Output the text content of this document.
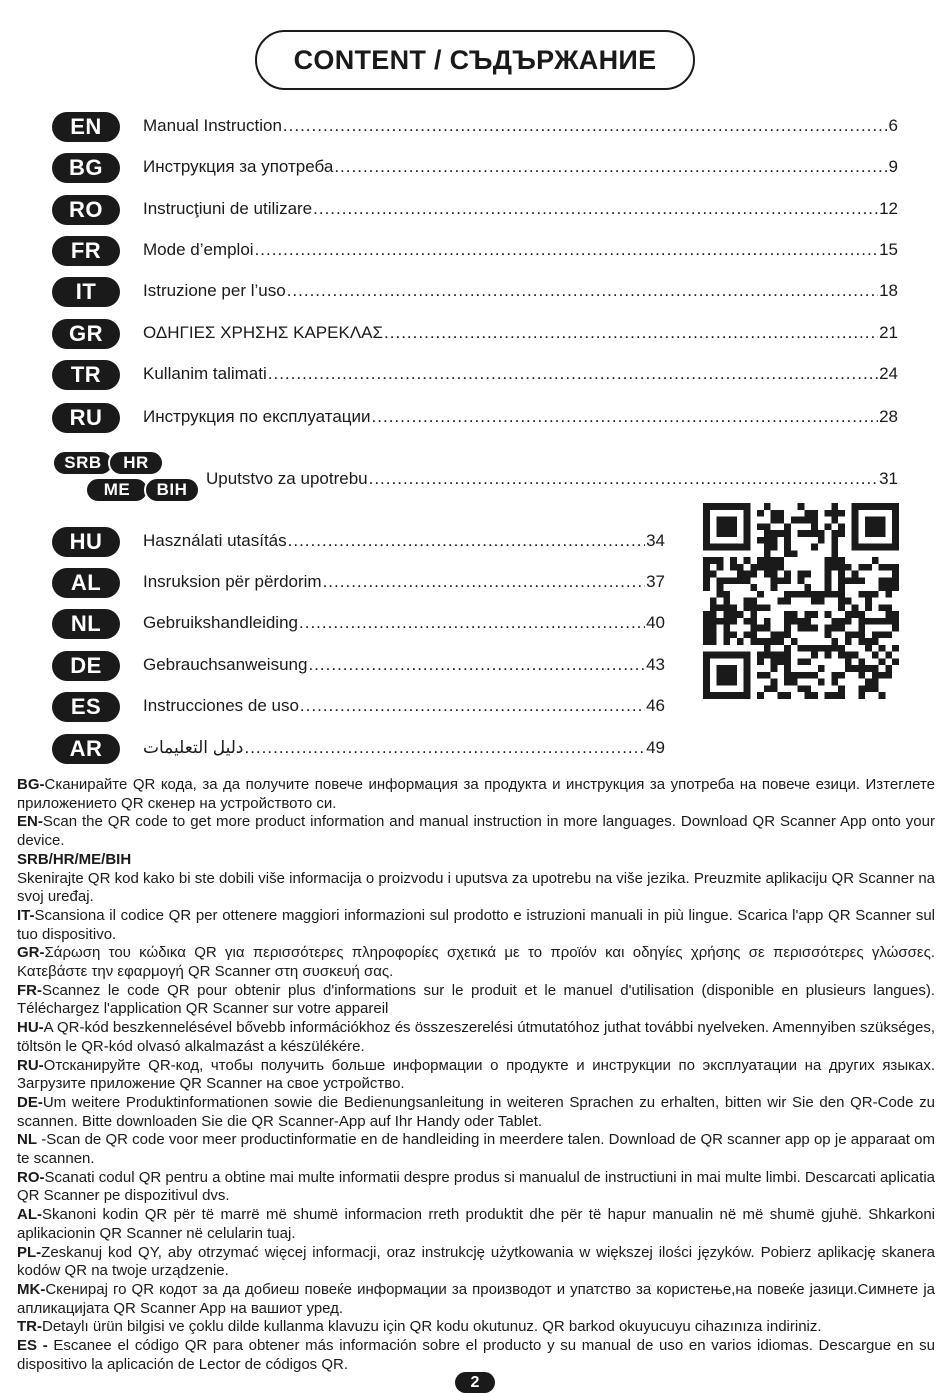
CONTENT / СЪДЪРЖАНИЕ
EN	Manual Instruction .....	6
BG	Инструкция за употреба .....	9
RO	Instrucţiuni de utilizare .....	12
FR	Mode d’emploi .....	15
IT	Istruzione per l’uso .....	18
GR	ΟΔΗΓΙΕΣ ΧΡΗΣΗΣ ΚΑΡΕΚΛΑΣ .....	21
TR	Kullanim talimati .....	24
RU	Инструкция по експлуатации .....	28
SRB	HR
ME	BIH
Uputstvo za upotrebu .....	31
HU	Használati utasítás .....	34
AL	Insruksion për përdorim .....	37
NL	Gebruikshandleiding .....	40
DE	Gebrauchsanweisung .....	43
ES	Instrucciones de uso .....	46
AR	دليل التعليمات .....	49

BG-Сканирайте QR кода, за да получите повече информация за продукта и инструкция за употреба на повече езици. Изтеглете приложението QR скенер на устройството си.

EN-Scan the QR code to get more product information and manual instruction in more languages. Download QR Scanner App onto your device.

SRB/HR/ME/BIH

Skenirajte QR kod kako bi ste dobili više informacija o proizvodu i uputsva za upotrebu na više jezika. Preuzmite aplikaciju QR Scanner na svoj uređaj.

IT-Scansiona il codice QR per ottenere maggiori informazioni sul prodotto e istruzioni manuali in più lingue. Scarica l'app QR Scanner sul tuo dispositivo.

GR-Σάρωση του κώδικα QR για περισσότερες πληροφορίες σχετικά με το προϊόν και οδηγίες χρήσης σε περισσότερες γλώσσες. Κατεβάστε την εφαρμογή QR Scanner στη συσκευή σας.

FR-Scannez le code QR pour obtenir plus d'informations sur le produit et le manuel d'utilisation (disponible en plusieurs langues). Téléchargez l'application QR Scanner sur votre appareil

HU-A QR-kód beszkennelésével bővebb információkhoz és összeszerelési útmutatóhoz juthat további nyelveken. Amennyiben szükséges, töltsön le QR-kód olvasó alkalmazást a készülékére.

RU-Отсканируйте QR-код, чтобы получить больше информации о продукте и инструкции по эксплуатации на других языках. Загрузите приложение QR Scanner на свое устройство.

DE-Um weitere Produktinformationen sowie die Bedienungsanleitung in weiteren Sprachen zu erhalten, bitten wir Sie den QR-Code zu scannen. Bitte downloaden Sie die QR Scanner-App auf Ihr Handy oder Tablet.

NL -Scan de QR code voor meer productinformatie en de handleiding in meerdere talen. Download de QR scanner app op je apparaat om te scannen.

RO-Scanati codul QR pentru a obtine mai multe informatii despre produs si manualul de instructiuni in mai multe limbi. Descarcati aplicatia QR Scanner pe dispozitivul dvs.

AL-Skanoni kodin QR për të marrë më shumë informacion rreth produktit dhe për të hapur manualin në më shumë gjuhë. Shkarkoni aplikacionin QR Scanner në celularin tuaj.

PL-Zeskanuj kod QY, aby otrzymać więcej informacji, oraz instrukcję użytkowania w większej ilości języków. Pobierz aplikację skanera kodów QR na twoje urządzenie.

MK-Скенирај го QR кодот за да добиеш повеќе информации за производот и упатство за користење,на повеќе јазици.Симнете ја апликацијата QR Scanner App на вашиот уред.

TR-Detaylı ürün bilgisi ve çoklu dilde kullanma klavuzu için QR kodu okutunuz. QR barkod okuyucuyu cihazınıza indiriniz.

ES - Escanee el código QR para obtener más información sobre el producto y su manual de uso en varios idiomas. Descargue en su dispositivo la aplicación de Lector de códigos QR.

2
